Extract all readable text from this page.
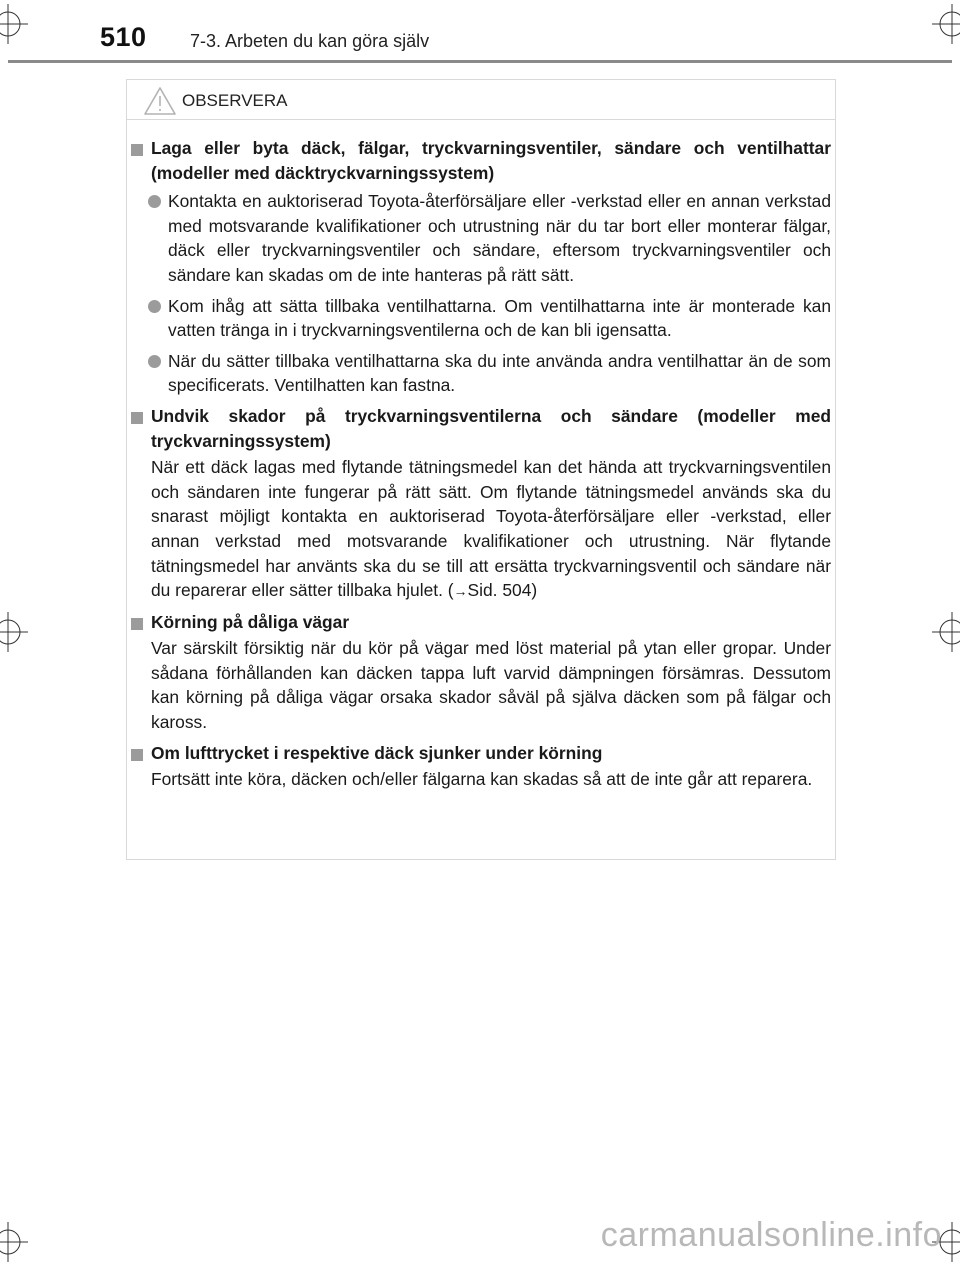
510 7-3. Arbeten du kan göra själv
OBSERVERA
Laga eller byta däck, fälgar, tryckvarningsventiler, sändare och ventilhattar (modeller med däcktryckvarningssystem)
Kontakta en auktoriserad Toyota-återförsäljare eller -verkstad eller en annan verkstad med motsvarande kvalifikationer och utrustning när du tar bort eller monterar fälgar, däck eller tryckvarningsventiler och sändare, eftersom tryckvarningsventiler och sändare kan skadas om de inte hanteras på rätt sätt.
Kom ihåg att sätta tillbaka ventilhattarna. Om ventilhattarna inte är monterade kan vatten tränga in i tryckvarningsventilerna och de kan bli igensatta.
När du sätter tillbaka ventilhattarna ska du inte använda andra ventilhattar än de som specificerats. Ventilhatten kan fastna.
Undvik skador på tryckvarningsventilerna och sändare (modeller med tryckvarningssystem)
När ett däck lagas med flytande tätningsmedel kan det hända att tryckvarningsventilen och sändaren inte fungerar på rätt sätt. Om flytande tätningsmedel används ska du snarast möjligt kontakta en auktoriserad Toyota-återförsäljare eller -verkstad, eller annan verkstad med motsvarande kvalifikationer och utrustning. När flytande tätningsmedel har använts ska du se till att ersätta tryckvarningsventil och sändare när du reparerar eller sätter tillbaka hjulet. (→Sid. 504)
Körning på dåliga vägar
Var särskilt försiktig när du kör på vägar med löst material på ytan eller gropar. Under sådana förhållanden kan däcken tappa luft varvid dämpningen försämras. Dessutom kan körning på dåliga vägar orsaka skador såväl på själva däcken som på fälgar och kaross.
Om lufttrycket i respektive däck sjunker under körning
Fortsätt inte köra, däcken och/eller fälgarna kan skadas så att de inte går att reparera.
carmanualsonline.info
